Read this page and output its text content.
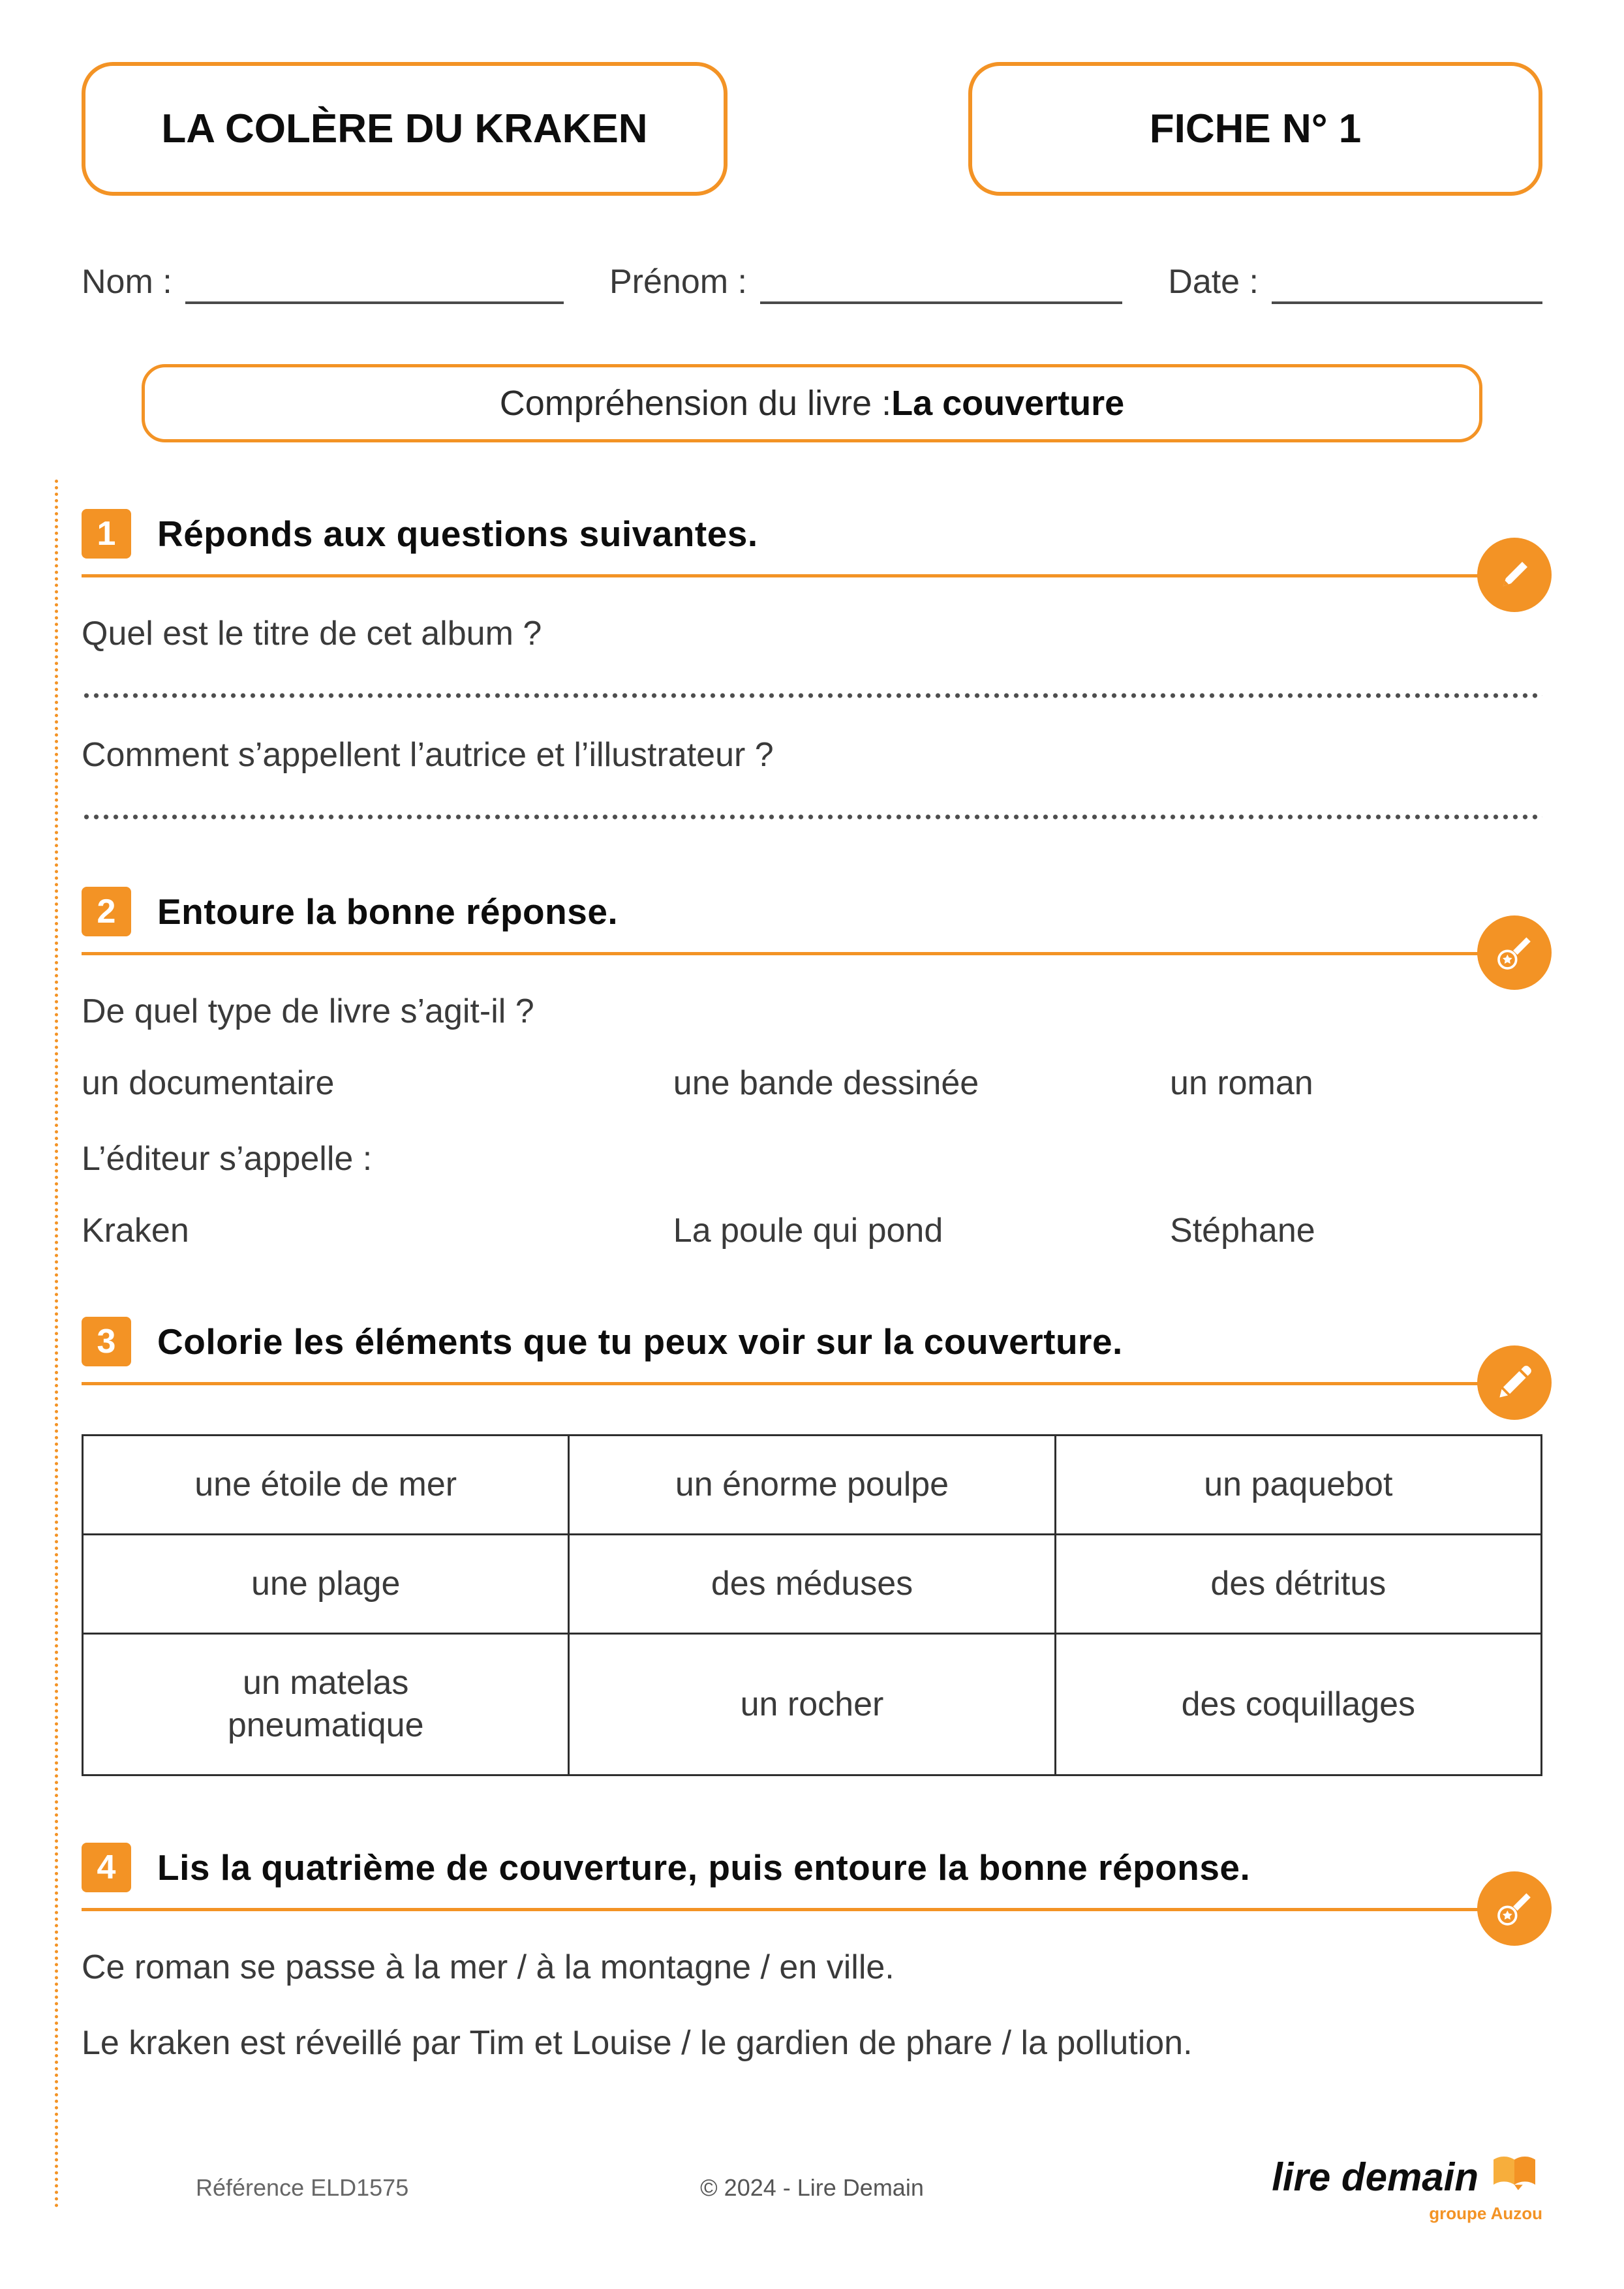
LA COLÈRE DU KRAKEN	FICHE N° 1
Nom :	Prénom :	Date :
Compréhension du livre : La couverture
1	Réponds aux questions suivantes.

Quel est le titre de cet album ?

Comment s’appellent l’autrice et l’illustrateur ?

2	Entoure la bonne réponse.

De quel type de livre s’agit-il ?

un documentaire	une bande dessinée	un roman

L’éditeur s’appelle :

Kraken	La poule qui pond	Stéphane
3	Colorie les éléments que tu peux voir sur la couverture.
une étoile de mer	un énorme poulpe	un paquebot
une plage	des méduses	des détritus
un matelas pneumatique	un rocher	des coquillages
4	Lis la quatrième de couverture, puis entoure la bonne réponse.

Ce roman se passe à la mer / à la montagne / en ville.

Le kraken est réveillé par Tim et Louise / le gardien de phare / la pollution.

Référence ELD1575	© 2024 - Lire Demain	lire demain
groupe Auzou
